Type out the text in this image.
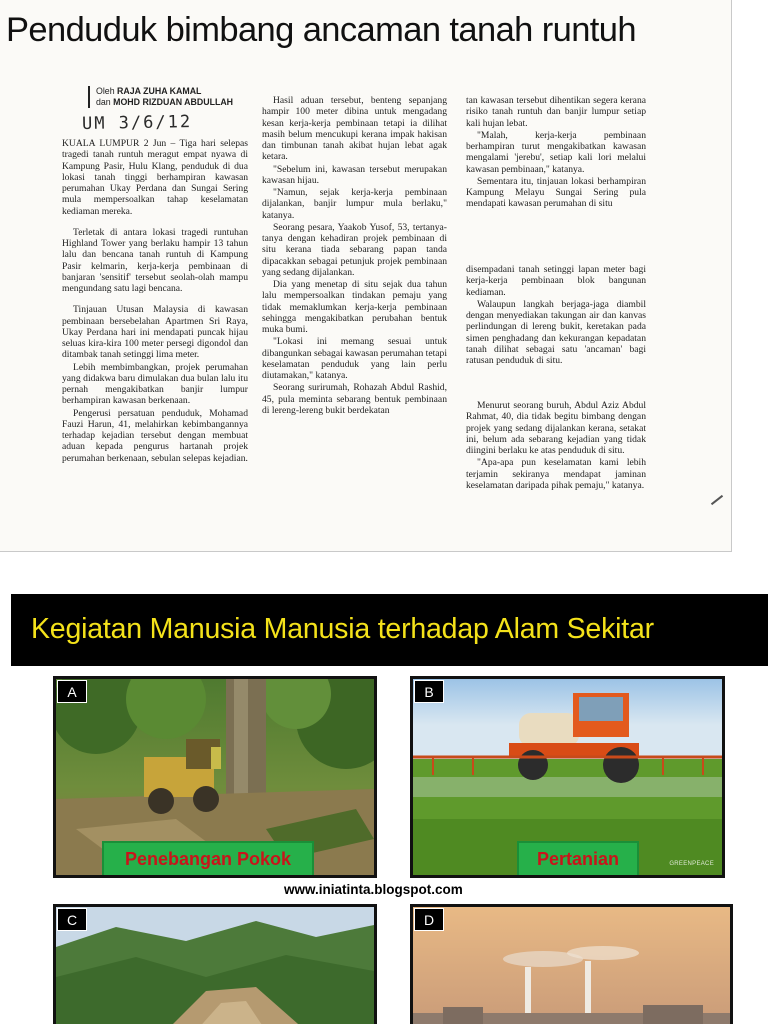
Penduduk bimbang ancaman tanah runtuh
Oleh RAJA ZUHA KAMAL
dan MOHD RIZDUAN ABDULLAH
UM 3/6/12

KUALA LUMPUR 2 Jun – Tiga hari selepas tragedi tanah runtuh meragut empat nyawa di Kampung Pasir, Hulu Klang, penduduk di dua lokasi tanah tinggi berhampiran kawasan perumahan Ukay Perdana dan Sungai Sering mula mempersoalkan tahap keselamatan kediaman mereka.

Terletak di antara lokasi tragedi runtuhan Highland Tower yang berlaku hampir 13 tahun lalu dan bencana tanah runtuh di Kampung Pasir kelmarin, kerja-kerja pembinaan di banjaran 'sensitif' tersebut seolah-olah mampu mengundang satu lagi bencana.

Tinjauan Utusan Malaysia di kawasan pembinaan bersebelahan Apartmen Sri Raya, Ukay Perdana hari ini mendapati puncak hijau seluas kira-kira 100 meter persegi digondol dan ditambak tanah setinggi lima meter.

Lebih membimbangkan, projek perumahan yang didakwa baru dimulakan dua bulan lalu itu pernah mengakibatkan banjir lumpur berhampiran kawasan berkenaan.

Pengerusi persatuan penduduk, Mohamad Fauzi Harun, 41, melahirkan kebimbangannya terhadap kejadian tersebut dengan membuat aduan kepada pengurus hartanah projek perumahan berkenaan, sebulan selepas kejadian.

Hasil aduan tersebut, benteng sepanjang hampir 100 meter dibina untuk mengadang kesan kerja-kerja pembinaan tetapi ia dilihat masih belum mencukupi kerana impak hakisan dan timbunan tanah akibat hujan lebat agak ketara.

"Sebelum ini, kawasan tersebut merupakan kawasan hijau.

"Namun, sejak kerja-kerja pembinaan dijalankan, banjir lumpur mula berlaku," katanya.

Seorang pesara, Yaakob Yusof, 53, tertanya-tanya dengan kehadiran projek pembinaan di situ kerana tiada sebarang papan tanda dipacakkan sebagai petunjuk projek pembinaan yang sedang dijalankan.

Dia yang menetap di situ sejak dua tahun lalu mempersoalkan tindakan pemaju yang tidak memaklumkan kerja-kerja pembinaan sehingga mengakibatkan perubahan bentuk muka bumi.

"Lokasi ini memang sesuai untuk dibangunkan sebagai kawasan perumahan tetapi keselamatan penduduk yang lain perlu diutamakan," katanya.

Seorang surirumah, Rohazah Abdul Rashid, 45, pula meminta sebarang bentuk pembinaan di lereng-lereng bukit berdekatan

tan kawasan tersebut dihentikan segera kerana risiko tanah runtuh dan banjir lumpur setiap kali hujan lebat.

"Malah, kerja-kerja pembinaan berhampiran turut mengakibatkan kawasan mengalami 'jerebu', setiap kali lori melalui kawasan pembinaan," katanya.

Sementara itu, tinjauan lokasi berhampiran Kampung Melayu Sungai Sering pula mendapati kawasan perumahan di situ

disempadani tanah setinggi lapan meter bagi kerja-kerja pembinaan blok bangunan kediaman.

Walaupun langkah berjaga-jaga diambil dengan menyediakan takungan air dan kanvas perlindungan di lereng bukit, keretakan pada simen penghadang dan kekurangan kepadatan tanah dilihat sebagai satu 'ancaman' bagi ratusan penduduk di situ.

Menurut seorang buruh, Abdul Aziz Abdul Rahmat, 40, dia tidak begitu bimbang dengan projek yang sedang dijalankan kerana, setakat ini, belum ada sebarang kejadian yang tidak diingini berlaku ke atas penduduk di situ.

"Apa-apa pun keselamatan kami lebih terjamin sekiranya mendapat jaminan keselamatan daripada pihak pemaju," katanya.

Kegiatan Manusia Manusia terhadap Alam Sekitar
A
Penebangan Pokok
B
Pertanian	GREENPEACE
www.iniatinta.blogspot.com
C	D
